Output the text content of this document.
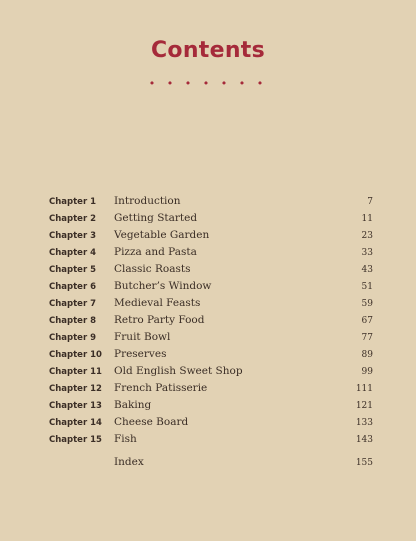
Contents
• • • • • • •
Chapter 1 Introduction	7
Chapter 2 Getting Started	11
Chapter 3 Vegetable Garden	23
Chapter 4 Pizza and Pasta	33
Chapter 5 Classic Roasts	43
Chapter 6 Butcher’s Window	51
Chapter 7 Medieval Feasts	59
Chapter 8 Retro Party Food	67
Chapter 9 Fruit Bowl	77
Chapter 10 Preserves	89
Chapter 11 Old English Sweet Shop	99
Chapter 12 French Patisserie	111
Chapter 13 Baking	121
Chapter 14 Cheese Board	133
Chapter 15 Fish	143
Index	155
